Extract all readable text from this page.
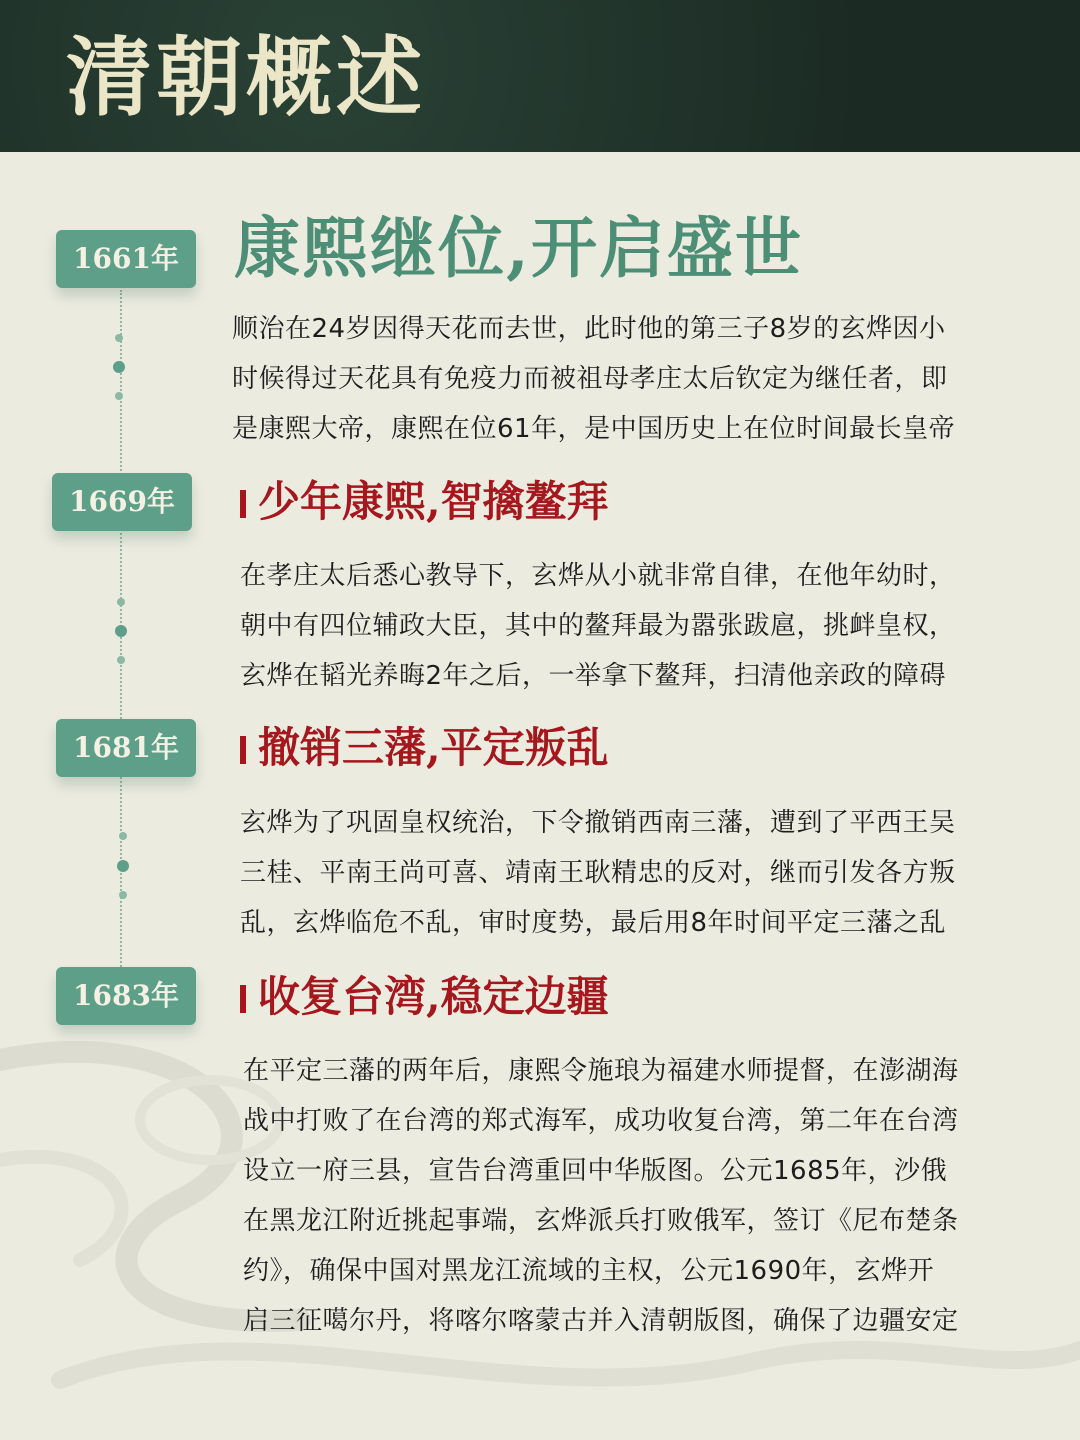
清朝概述
1661年 康熙继位,开启盛世
顺治在24岁因得天花而去世，此时他的第三子8岁的玄烨因小
时候得过天花具有免疫力而被祖母孝庄太后钦定为继任者，即
是康熙大帝，康熙在位61年，是中国历史上在位时间最长皇帝
1669年	少年康熙,智擒鳌拜
在孝庄太后悉心教导下，玄烨从小就非常自律，在他年幼时，
朝中有四位辅政大臣，其中的鳌拜最为嚣张跋扈，挑衅皇权，
玄烨在韬光养晦2年之后，一举拿下鳌拜，扫清他亲政的障碍
1681年	撤销三藩,平定叛乱
玄烨为了巩固皇权统治，下令撤销西南三藩，遭到了平西王吴
三桂、平南王尚可喜、靖南王耿精忠的反对，继而引发各方叛
乱，玄烨临危不乱，审时度势，最后用8年时间平定三藩之乱
1683年	收复台湾,稳定边疆
在平定三藩的两年后，康熙令施琅为福建水师提督，在澎湖海
战中打败了在台湾的郑式海军，成功收复台湾，第二年在台湾
设立一府三县，宣告台湾重回中华版图。公元1685年，沙俄
在黑龙江附近挑起事端，玄烨派兵打败俄军，签订《尼布楚条
约》，确保中国对黑龙江流域的主权，公元1690年，玄烨开
启三征噶尔丹，将喀尔喀蒙古并入清朝版图，确保了边疆安定
